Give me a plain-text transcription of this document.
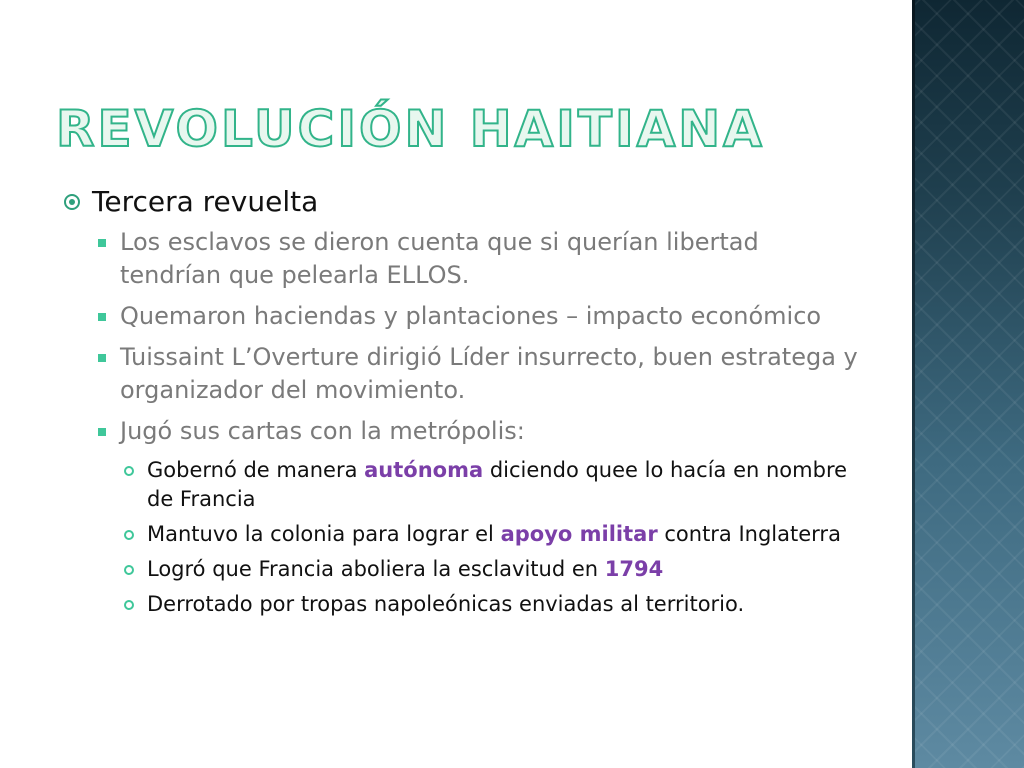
REVOLUCIÓN HAITIANA
Tercera revuelta
Los esclavos se dieron cuenta que si querían libertad tendrían que pelearla ELLOS.
Quemaron haciendas y plantaciones – impacto económico
Tuissaint L’Overture dirigió Líder insurrecto, buen estratega y organizador del movimiento.
Jugó sus cartas con la metrópolis:
Gobernó de manera autónoma diciendo quee lo hacía en nombre de Francia
Mantuvo la colonia para lograr el apoyo militar contra Inglaterra
Logró que Francia aboliera la esclavitud en 1794
Derrotado por tropas napoleónicas enviadas al territorio.
